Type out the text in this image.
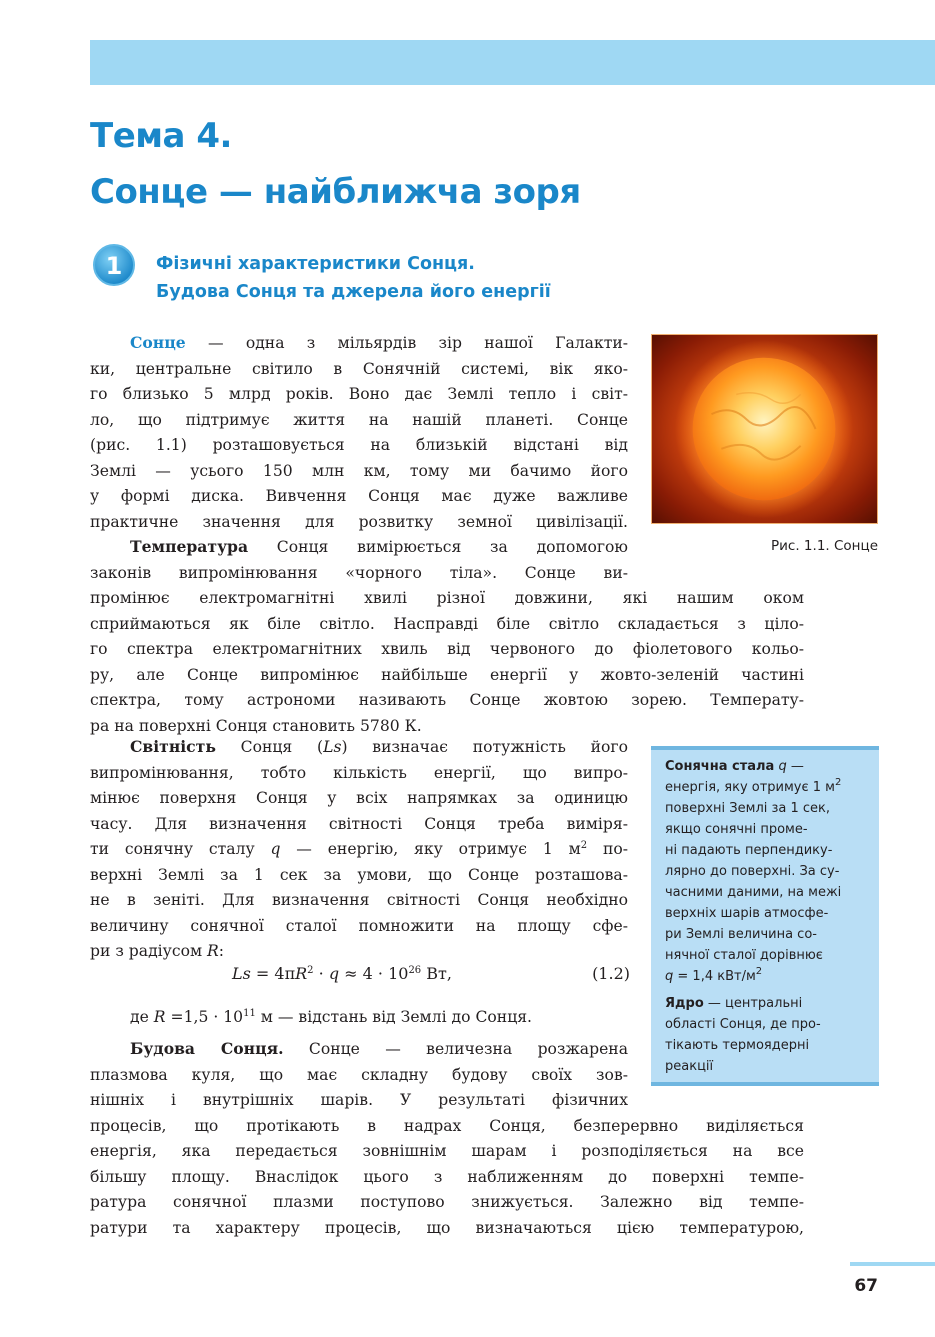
Тема 4.
Сонце — найближча зоря
1 Фізичні характеристики Сонця.
Будова Сонця та джерела його енергії
Сонце — одна з мільярдів зір нашої Галакти-
ки, центральне світило в Сонячній системі, вік яко-
го близько 5 млрд років. Воно дає Землі тепло і світ-
ло, що підтримує життя на нашій планеті. Сонце
(рис. 1.1) розташовується на близькій відстані від
Землі — усього 150 млн км, тому ми бачимо його
у формі диска. Вивчення Сонця має дуже важливе
практичне значення для розвитку земної цивілізації.
Температура Сонця вимірюється за допомогою
законів випромінювання «чорного тіла». Сонце ви-
промінює електромагнітні хвилі різної довжини, які нашим оком
сприймаються як біле світло. Насправді біле світло складається з ціло-
го спектра електромагнітних хвиль від червоного до фіолетового кольо-
ру, але Сонце випромінює найбільше енергії у жовто-зеленій частині
спектра, тому астрономи називають Сонце жовтою зорею. Температу-
ра на поверхні Сонця становить 5780 К.
Світність Сонця (Ls) визначає потужність його
випромінювання, тобто кількість енергії, що випро-
мінює поверхня Сонця у всіх напрямках за одиницю
часу. Для визначення світності Сонця треба виміря-
ти сонячну сталу q — енергію, яку отримує 1 $м^2$ по-
верхні Землі за 1 сек за умови, що Сонце розташова-
не в зеніті. Для визначення світності Сонця необхідно
величину сонячної сталої помножити на площу сфе-
ри з радіусом R:
$Ls = 4\pi R^2 \cdot q \approx 4 \cdot 10^{26}$ Вт,	(1.2)
де $R =1,5 \cdot 10^{11}$ м — відстань від Землі до Сонця.
Будова Сонця. Сонце — величезна розжарена
плазмова куля, що має складну будову своїх зов-
нішніх і внутрішніх шарів. У результаті фізичних
процесів, що протікають в надрах Сонця, безперервно виділяється
енергія, яка передається зовнішнім шарам і розподіляється на все
більшу площу. Внаслідок цього з наближенням до поверхні темпе-
ратура сонячної плазми поступово знижується. Залежно від темпе-
ратури та характеру процесів, що визначаються цією температурою,
Рис. 1.1. Сонце
Сонячна стала q —
енергія, яку отримує 1 $м^2$
поверхні Землі за 1 сек,
якщо сонячні проме-
ні падають перпендику-
лярно до поверхні. За су-
часними даними, на межі
верхніх шарів атмосфе-
ри Землі величина со-
нячної сталої дорівнює
q = 1,4 кВт/$м^2$
Ядро — центральні
області Сонця, де про-
тікають термоядерні
реакції
67
